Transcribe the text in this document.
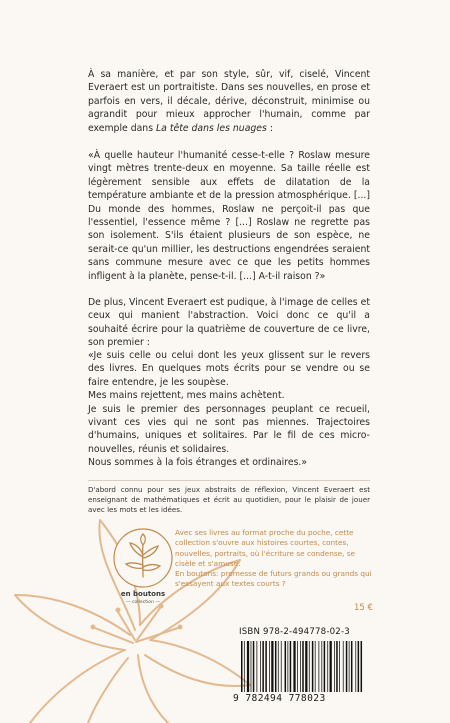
À sa manière, et par son style, sûr, vif, ciselé, Vincent Everaert est un portraitiste. Dans ses nouvelles, en prose et parfois en vers, il décale, dérive, déconstruit, minimise ou agrandit pour mieux approcher l'humain, comme par exemple dans La tête dans les nuages :

«À quelle hauteur l'humanité cesse-t-elle ? Roslaw mesure vingt mètres trente-deux en moyenne. Sa taille réelle est légèrement sensible aux effets de dilatation de la température ambiante et de la pression atmosphérique. [...] Du monde des hommes, Roslaw ne perçoit-il pas que l'essentiel, l'essence même ? [...] Roslaw ne regrette pas son isolement. S'ils étaient plusieurs de son espèce, ne serait-ce qu'un millier, les destructions engendrées seraient sans commune mesure avec ce que les petits hommes infligent à la planète, pense-t-il. [...] A-t-il raison ?»

De plus, Vincent Everaert est pudique, à l'image de celles et ceux qui manient l'abstraction. Voici donc ce qu'il a souhaité écrire pour la quatrième de couverture de ce livre, son premier :

«Je suis celle ou celui dont les yeux glissent sur le revers des livres. En quelques mots écrits pour se vendre ou se faire entendre, je les soupèse.

Mes mains rejettent, mes mains achètent.

Je suis le premier des personnages peuplant ce recueil, vivant ces vies qui ne sont pas miennes. Trajectoires d'humains, uniques et solitaires. Par le fil de ces micro-nouvelles, réunis et solidaires.

Nous sommes à la fois étranges et ordinaires.»

D'abord connu pour ses jeux abstraits de réflexion, Vincent Everaert est enseignant de mathématiques et écrit au quotidien, pour le plaisir de jouer avec les mots et les idées.
en boutons
— collection —

Avec ses livres au format proche du poche, cette collection s'ouvre aux histoires courtes, contes, nouvelles, portraits, où l'écriture se condense, se cisèle et s'amuse.

En boutons: promesse de futurs grands ou grands qui s'essayent aux textes courts ?

15 €
ISBN 978-2-494778-02-3
9 782494 778023
